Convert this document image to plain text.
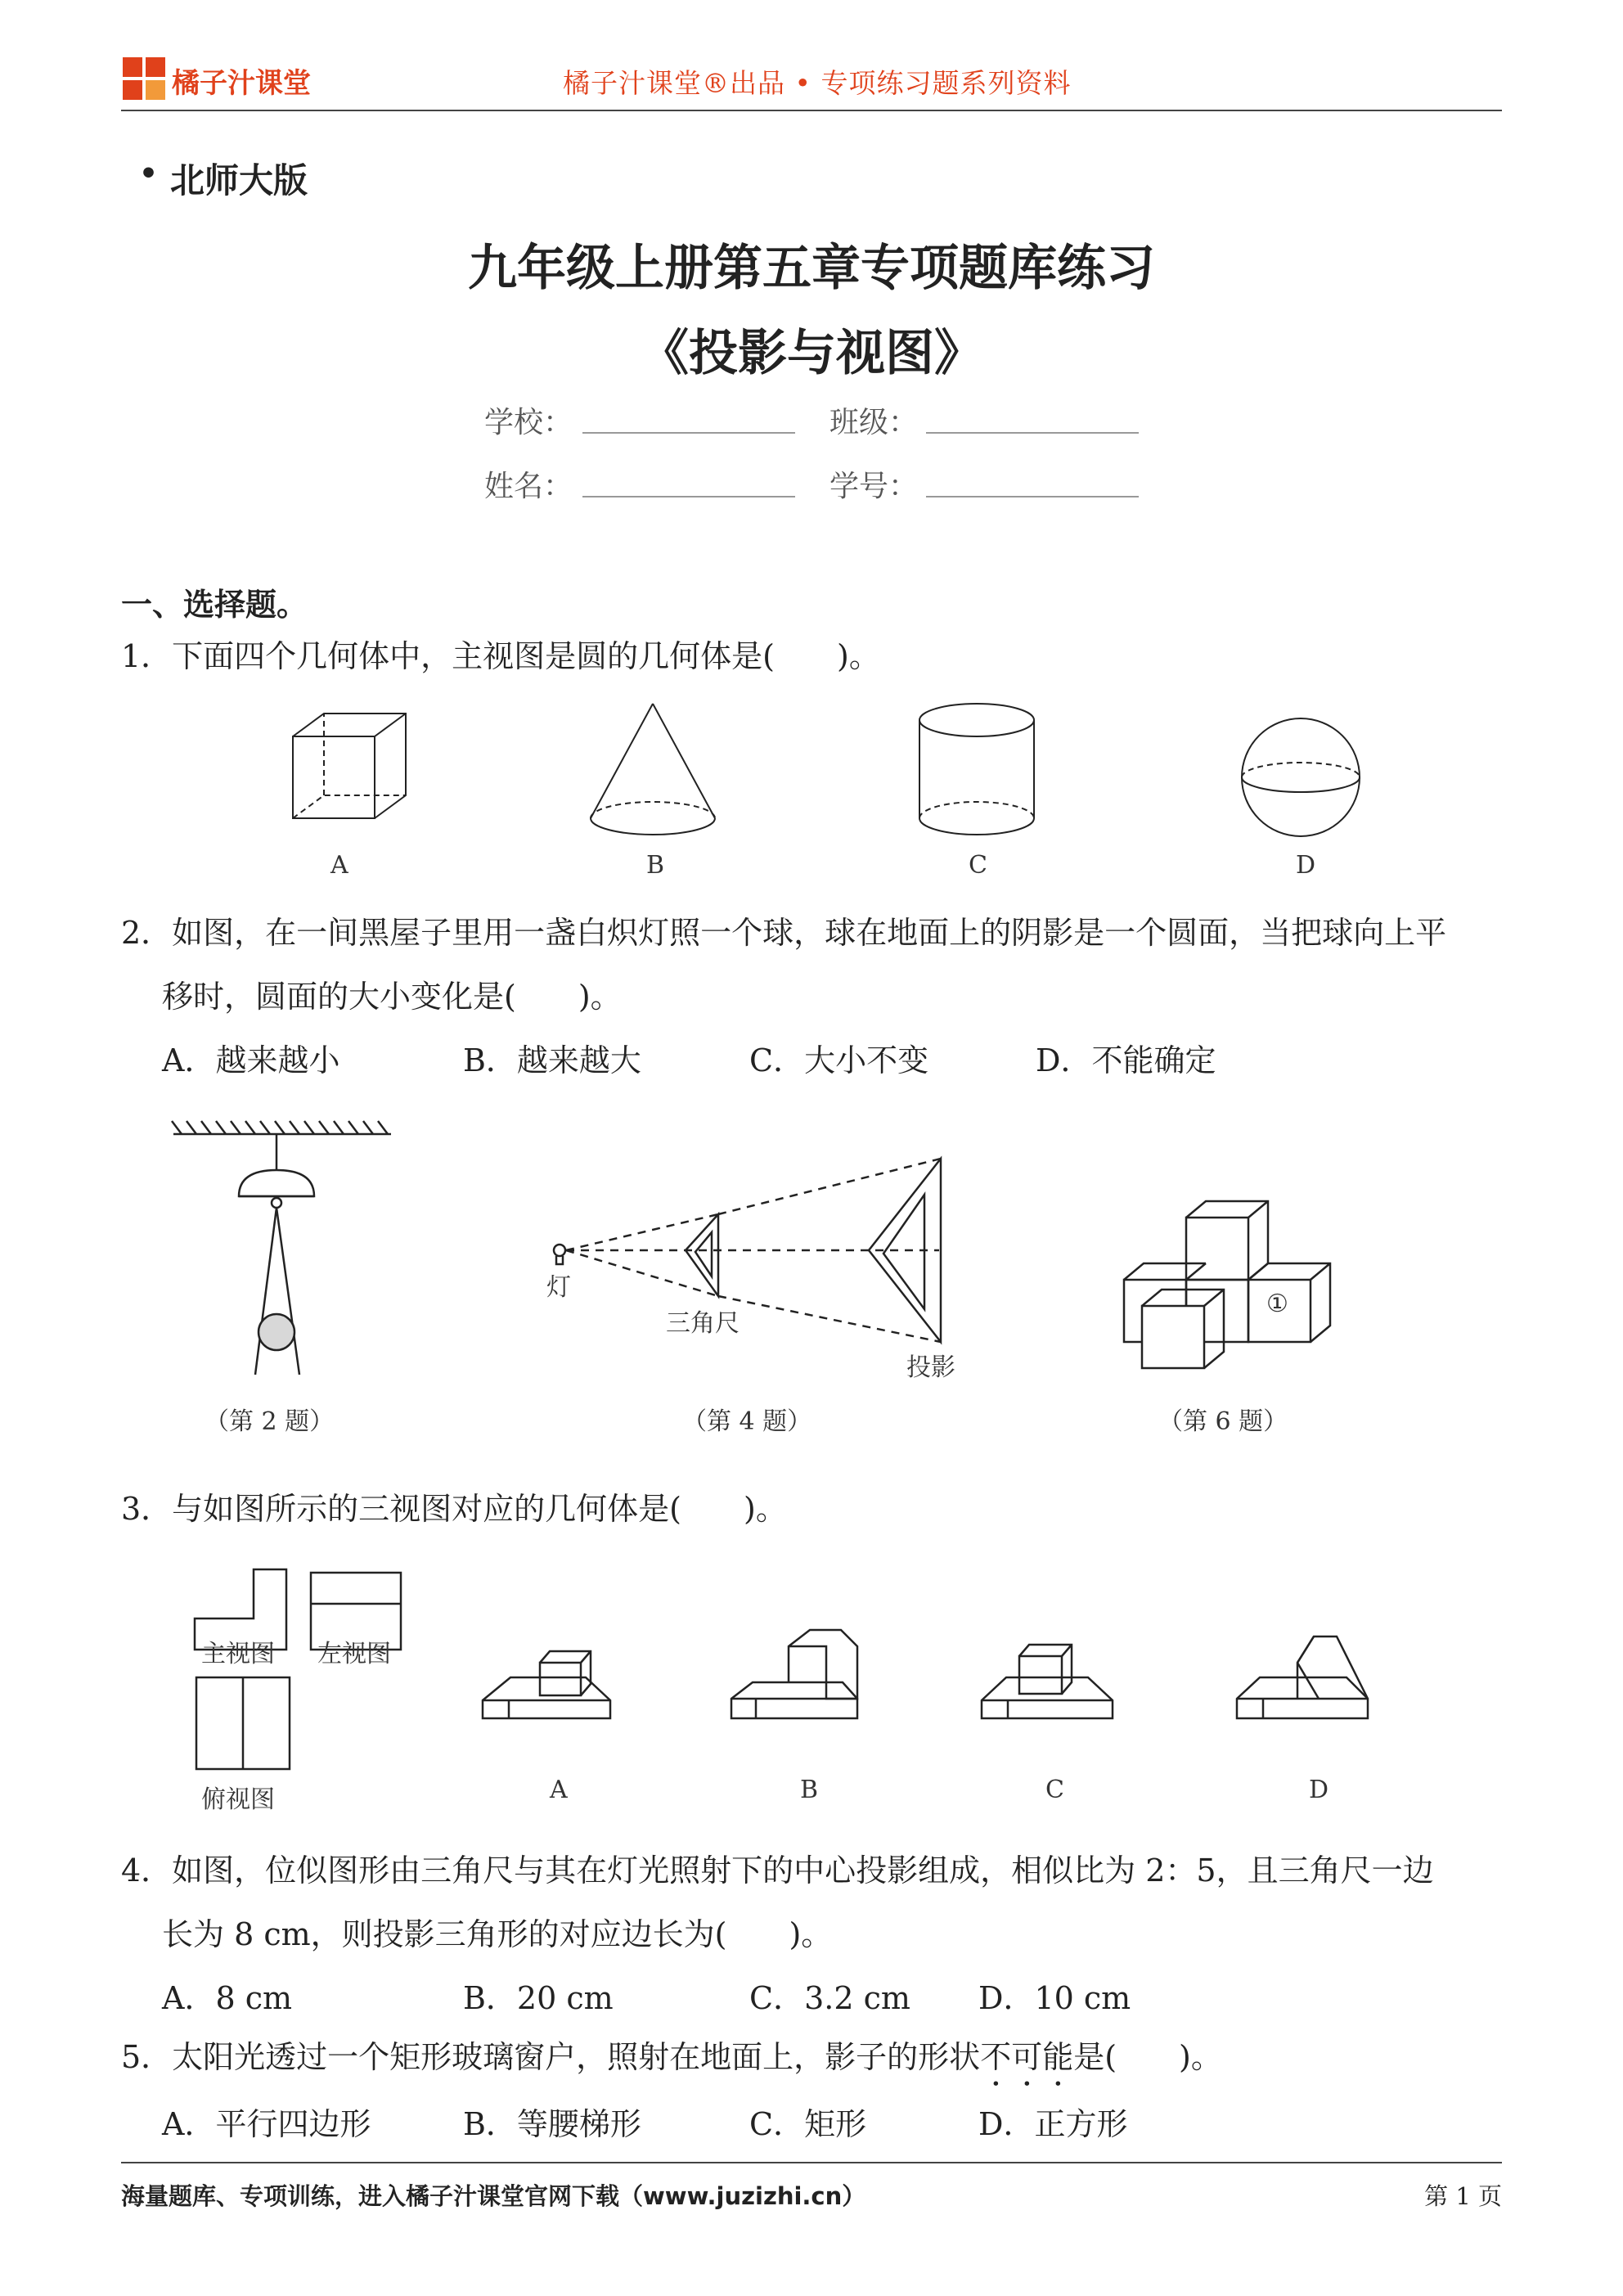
橘子汁课堂	橘子汁课堂®出品 • 专项练习题系列资料
• 北师大版
九年级上册第五章专项题库练习
《投影与视图》
学校：	班级：
姓名：	学号：
一、选择题。
1．下面四个几何体中，主视图是圆的几何体是(　　)。
A	B	C	D
2．如图，在一间黑屋子里用一盏白炽灯照一个球，球在地面上的阴影是一个圆面，当把球向上平
移时，圆面的大小变化是(　　)。
A．越来越小	B．越来越大	C．大小不变	D．不能确定
灯
三角尺
投影
①
（第 2 题）	（第 4 题）	（第 6 题）
3．与如图所示的三视图对应的几何体是(　　)。
主视图 左视图
俯视图	A	B	C	D
4．如图，位似图形由三角尺与其在灯光照射下的中心投影组成，相似比为 2：5，且三角尺一边
长为 8 cm，则投影三角形的对应边长为(　　)。
A．8 cm	B．20 cm	C．3.2 cm D．10 cm
5．太阳光透过一个矩形玻璃窗户，照射在地面上，影子的形状不可能是(　　)。
A．平行四边形	B．等腰梯形	C．矩形	D．正方形
海量题库、专项训练，进入橘子汁课堂官网下载（www.juzizhi.cn）	第 1 页
